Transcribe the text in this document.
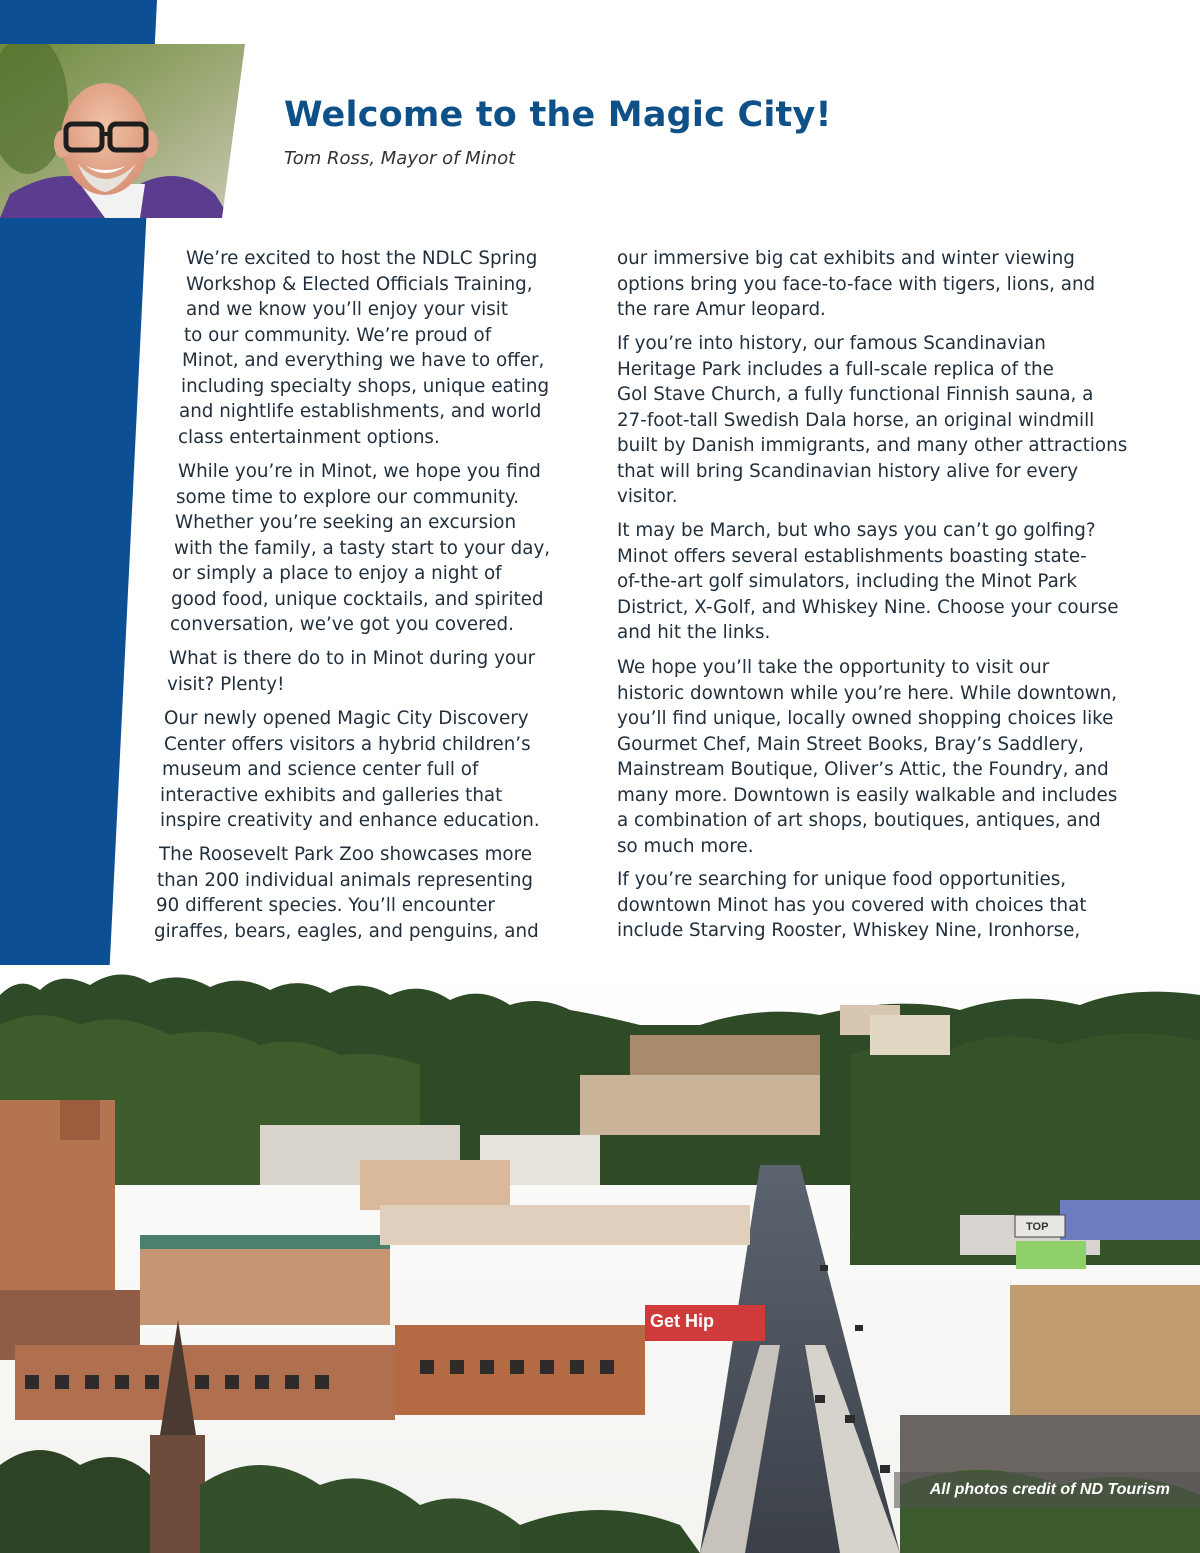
Welcome to the Magic City!

Tom Ross, Mayor of Minot

We’re excited to host the NDLC Spring
Workshop & Elected Officials Training,
and we know you’ll enjoy your visit
to our community. We’re proud of
Minot, and everything we have to offer,
including specialty shops, unique eating
and nightlife establishments, and world
class entertainment options.

While you’re in Minot, we hope you find
some time to explore our community.
Whether you’re seeking an excursion
with the family, a tasty start to your day,
or simply a place to enjoy a night of
good food, unique cocktails, and spirited
conversation, we’ve got you covered.

What is there do to in Minot during your
visit? Plenty!

Our newly opened Magic City Discovery
Center offers visitors a hybrid children’s
museum and science center full of
interactive exhibits and galleries that
inspire creativity and enhance education.

The Roosevelt Park Zoo showcases more
than 200 individual animals representing
90 different species. You’ll encounter
giraffes, bears, eagles, and penguins, and

our immersive big cat exhibits and winter viewing
options bring you face-to-face with tigers, lions, and
the rare Amur leopard.

If you’re into history, our famous Scandinavian
Heritage Park includes a full-scale replica of the
Gol Stave Church, a fully functional Finnish sauna, a
27-foot-tall Swedish Dala horse, an original windmill
built by Danish immigrants, and many other attractions
that will bring Scandinavian history alive for every
visitor.

It may be March, but who says you can’t go golfing?
Minot offers several establishments boasting state-
of-the-art golf simulators, including the Minot Park
District, X-Golf, and Whiskey Nine. Choose your course
and hit the links.

We hope you’ll take the opportunity to visit our
historic downtown while you’re here. While downtown,
you’ll find unique, locally owned shopping choices like
Gourmet Chef, Main Street Books, Bray’s Saddlery,
Mainstream Boutique, Oliver’s Attic, the Foundry, and
many more. Downtown is easily walkable and includes
a combination of art shops, boutiques, antiques, and
so much more.

If you’re searching for unique food opportunities,
downtown Minot has you covered with choices that
include Starving Rooster, Whiskey Nine, Ironhorse,

Get Hip
TOP
All photos credit of ND Tourism
